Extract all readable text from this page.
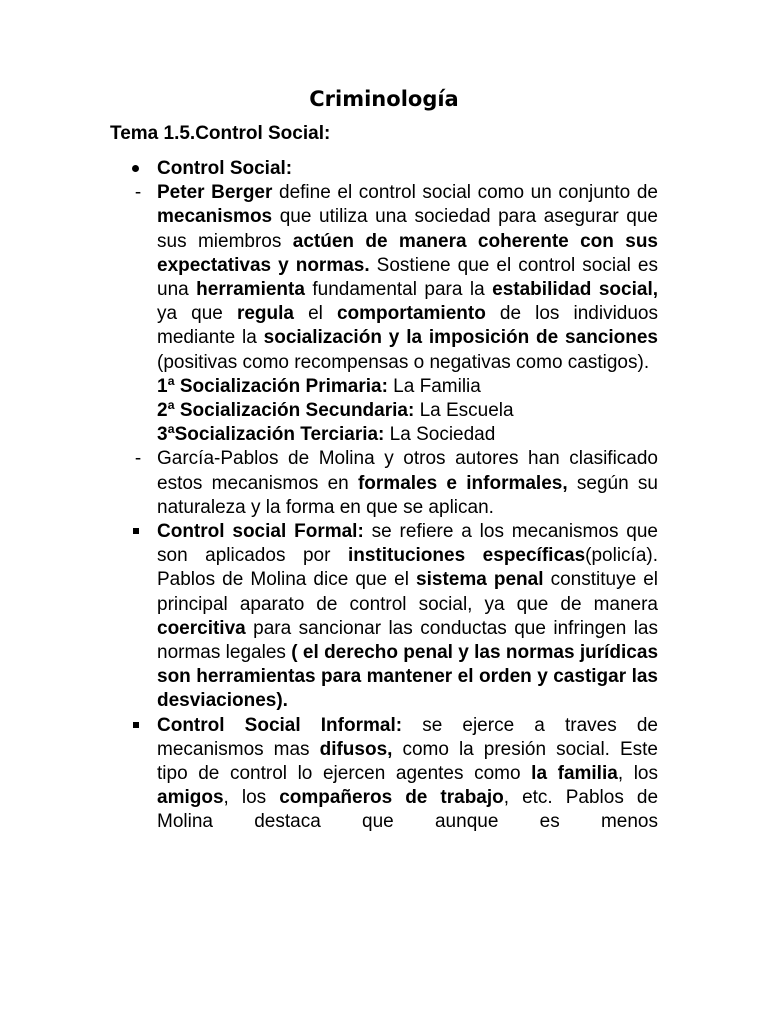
Criminología
Tema 1.5.Control Social:
Control Social:
- Peter Berger define el control social como un conjunto de mecanismos que utiliza una sociedad para asegurar que sus miembros actúen de manera coherente con sus expectativas y normas. Sostiene que el control social es una herramienta fundamental para la estabilidad social, ya que regula el comportamiento de los individuos mediante la socialización y la imposición de sanciones (positivas como recompensas o negativas como castigos).
1ª Socialización Primaria: La Familia
2ª Socialización Secundaria: La Escuela
3ªSocialización Terciaria: La Sociedad
- García-Pablos de Molina y otros autores han clasificado estos mecanismos en formales e informales, según su naturaleza y la forma en que se aplican.
Control social Formal: se refiere a los mecanismos que son aplicados por instituciones específicas(policía). Pablos de Molina dice que el sistema penal constituye el principal aparato de control social, ya que de manera coercitiva para sancionar las conductas que infringen las normas legales ( el derecho penal y las normas jurídicas son herramientas para mantener el orden y castigar las desviaciones).
Control Social Informal: se ejerce a traves de mecanismos mas difusos, como la presión social. Este tipo de control lo ejercen agentes como la familia, los amigos, los compañeros de trabajo, etc. Pablos de Molina destaca que aunque es menos
